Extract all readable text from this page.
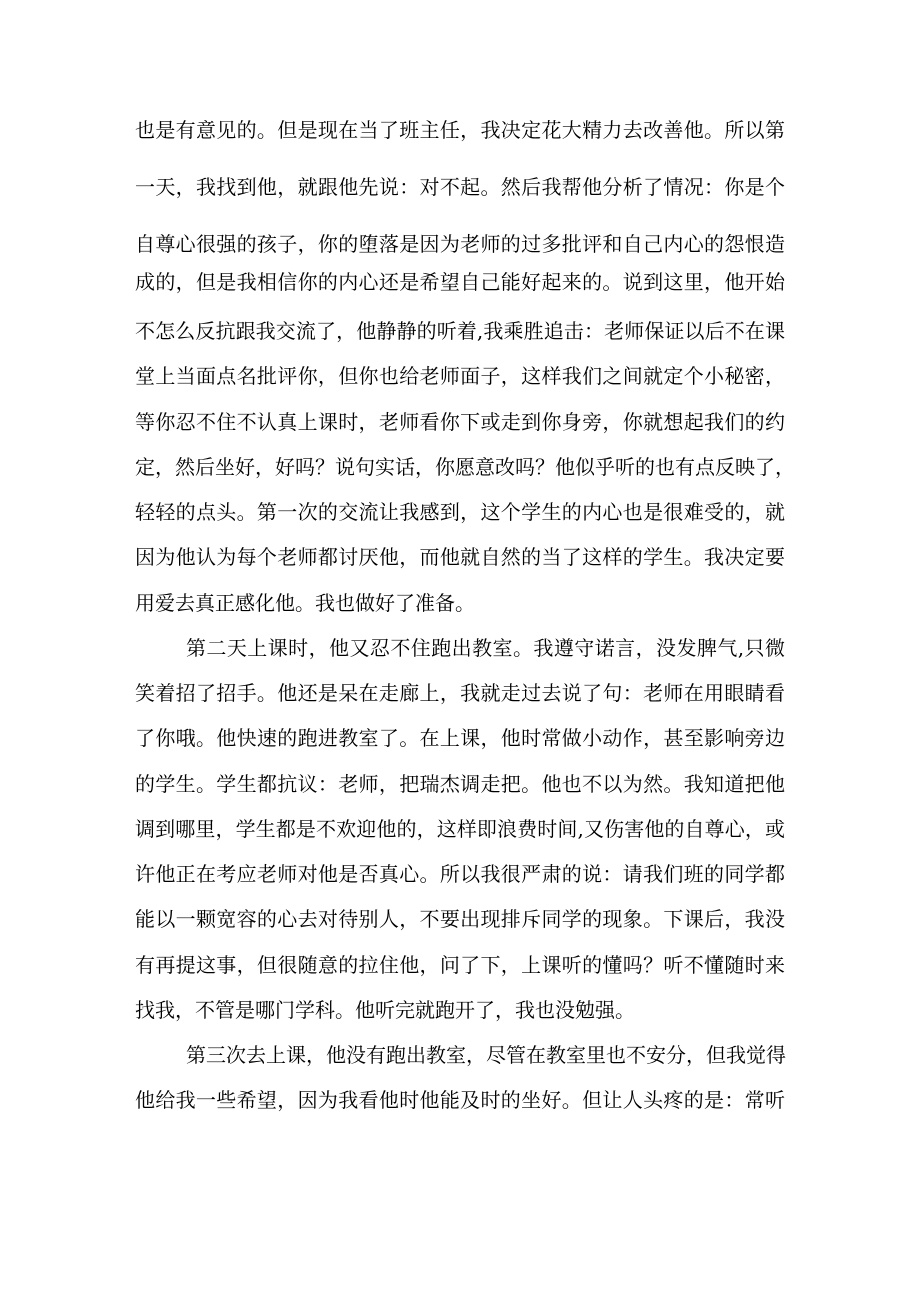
也是有意见的。但是现在当了班主任，我决定花大精力去改善他。所以第
一天，我找到他，就跟他先说：对不起。然后我帮他分析了情况：你是个
自尊心很强的孩子，你的堕落是因为老师的过多批评和自己内心的怨恨造
成的，但是我相信你的内心还是希望自己能好起来的。说到这里，他开始
不怎么反抗跟我交流了，他静静的听着,我乘胜追击：老师保证以后不在课
堂上当面点名批评你，但你也给老师面子，这样我们之间就定个小秘密，
等你忍不住不认真上课时，老师看你下或走到你身旁，你就想起我们的约
定，然后坐好，好吗？说句实话，你愿意改吗？他似乎听的也有点反映了，
轻轻的点头。第一次的交流让我感到，这个学生的内心也是很难受的，就
因为他认为每个老师都讨厌他，而他就自然的当了这样的学生。我决定要
用爱去真正感化他。我也做好了准备。
第二天上课时，他又忍不住跑出教室。我遵守诺言，没发脾气,只微
笑着招了招手。他还是呆在走廊上，我就走过去说了句：老师在用眼睛看
了你哦。他快速的跑进教室了。在上课，他时常做小动作，甚至影响旁边
的学生。学生都抗议：老师，把瑞杰调走把。他也不以为然。我知道把他
调到哪里，学生都是不欢迎他的，这样即浪费时间,又伤害他的自尊心，或
许他正在考应老师对他是否真心。所以我很严肃的说：请我们班的同学都
能以一颗宽容的心去对待别人，不要出现排斥同学的现象。下课后，我没
有再提这事，但很随意的拉住他，问了下，上课听的懂吗？听不懂随时来
找我，不管是哪门学科。他听完就跑开了，我也没勉强。
第三次去上课，他没有跑出教室，尽管在教室里也不安分，但我觉得
他给我一些希望，因为我看他时他能及时的坐好。但让人头疼的是：常听
